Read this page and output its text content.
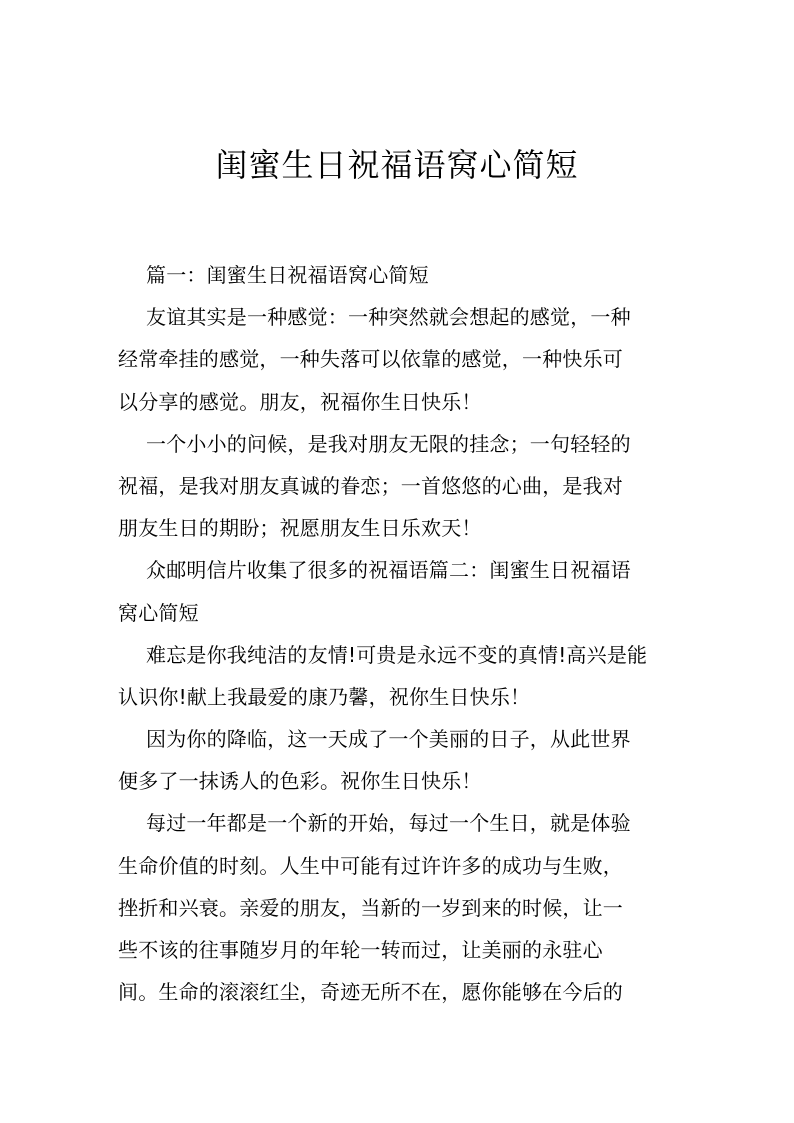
闺蜜生日祝福语窝心简短
篇一：闺蜜生日祝福语窝心简短
友谊其实是一种感觉：一种突然就会想起的感觉，一种
经常牵挂的感觉，一种失落可以依靠的感觉，一种快乐可
以分享的感觉。朋友，祝福你生日快乐！
一个小小的问候，是我对朋友无限的挂念；一句轻轻的
祝福，是我对朋友真诚的眷恋；一首悠悠的心曲，是我对
朋友生日的期盼；祝愿朋友生日乐欢天！
众邮明信片收集了很多的祝福语篇二：闺蜜生日祝福语
窝心简短
难忘是你我纯洁的友情!可贵是永远不变的真情!高兴是能
认识你!献上我最爱的康乃馨，祝你生日快乐！
因为你的降临，这一天成了一个美丽的日子，从此世界
便多了一抹诱人的色彩。祝你生日快乐！
每过一年都是一个新的开始，每过一个生日，就是体验
生命价值的时刻。人生中可能有过许许多的成功与生败，
挫折和兴衰。亲爱的朋友，当新的一岁到来的时候，让一
些不该的往事随岁月的年轮一转而过，让美丽的永驻心
间。生命的滚滚红尘，奇迹无所不在，愿你能够在今后的
